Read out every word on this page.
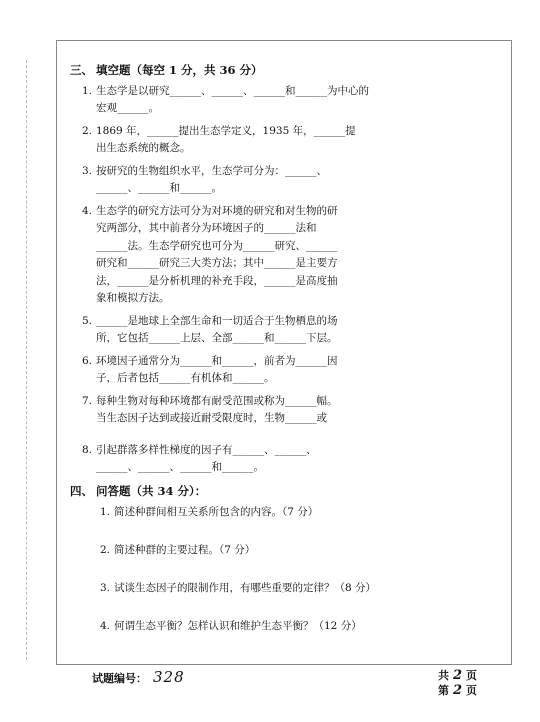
三、 填空题（每空 1 分，共 36 分）
1. 生态学是以研究______、______、______和______为中心的
宏观______。
2. 1869 年，______提出生态学定义，1935 年，______提
出生态系统的概念。
3. 按研究的生物组织水平，生态学可分为：______、
______、______和______。
4. 生态学的研究方法可分为对环境的研究和对生物的研
究两部分，其中前者分为环境因子的______法和
______法。生态学研究也可分为______研究、______
研究和______研究三大类方法；其中______是主要方
法，______是分析机理的补充手段，______是高度抽
象和模拟方法。
5. ______是地球上全部生命和一切适合于生物栖息的场
所，它包括______上层、全部______和______下层。
6. 环境因子通常分为______和______，前者为______因
子，后者包括______有机体和______。
7. 每种生物对每种环境都有耐受范围或称为______幅。
当生态因子达到或接近耐受限度时，生物______或
8. 引起群落多样性梯度的因子有______、______、
______、______、______和______。
四、 问答题（共 34 分）：
1. 简述种群间相互关系所包含的内容。（7 分）
2. 简述种群的主要过程。（7 分）
3. 试谈生态因子的限制作用，有哪些重要的定律？（8 分）
4. 何谓生态平衡？怎样认识和维护生态平衡？（12 分）
试题编号： 328	共 2 页
第 2 页
